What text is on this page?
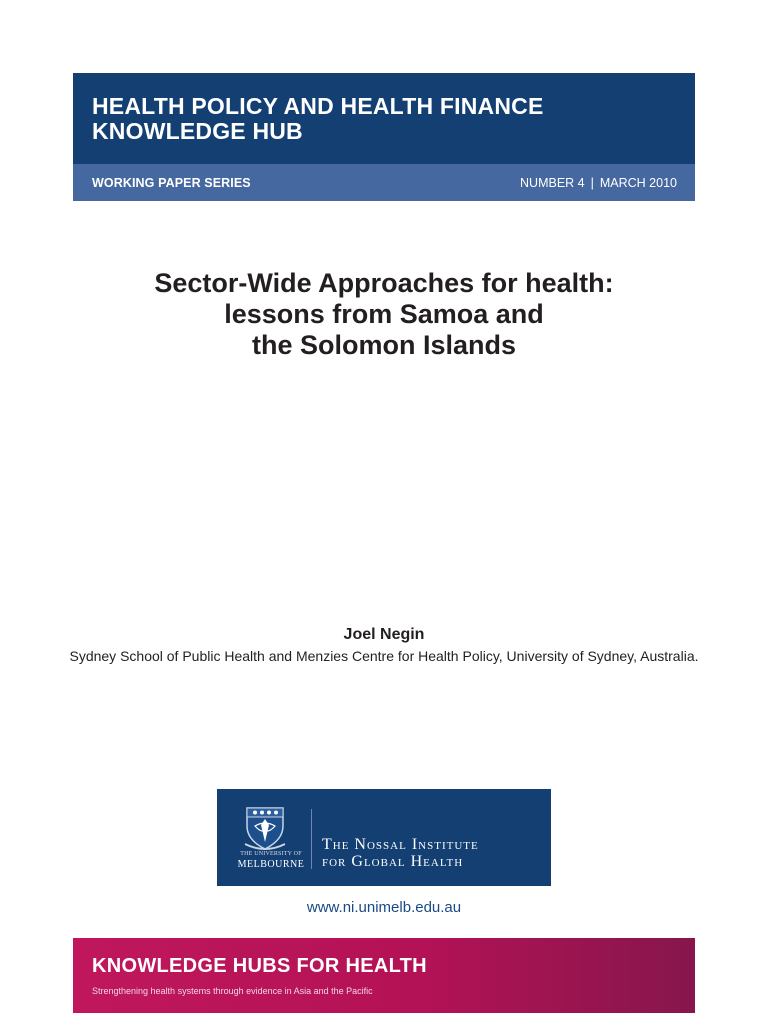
HEALTH POLICY AND HEALTH FINANCE
KNOWLEDGE HUB
WORKING PAPER SERIES	NUMBER 4 | MARCH 2010
Sector-Wide Approaches for health:
lessons from Samoa and
the Solomon Islands
Joel Negin
Sydney School of Public Health and Menzies Centre for Health Policy, University of Sydney, Australia.
THE UNIVERSITY OF
MELBOURNE
The Nossal Institute
for Global Health
www.ni.unimelb.edu.au
KNOWLEDGE HUBS FOR HEALTH
Strengthening health systems through evidence in Asia and the Pacific
